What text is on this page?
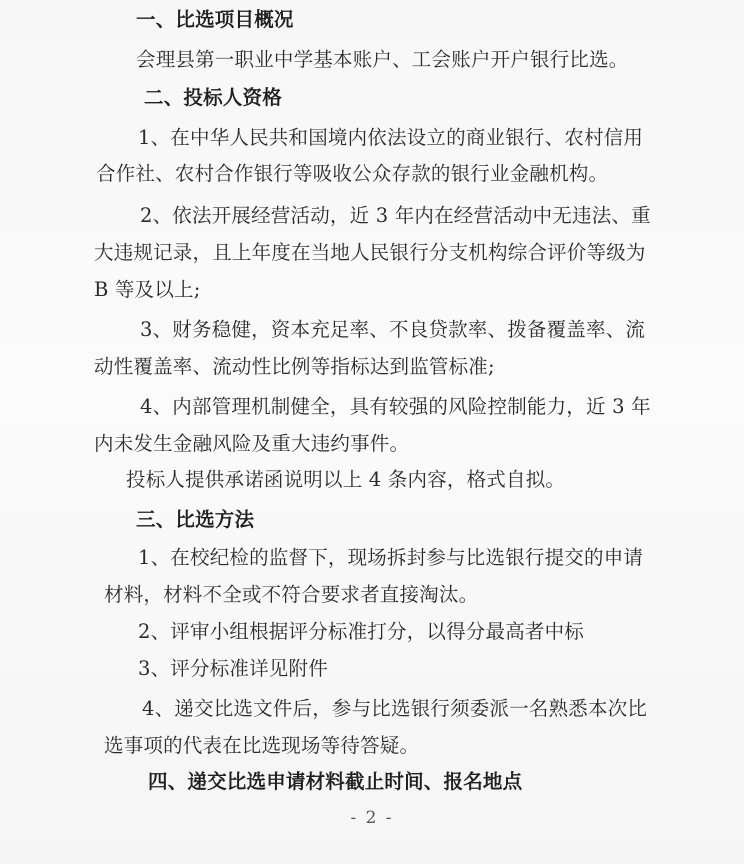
一、比选项目概况
会理县第一职业中学基本账户、工会账户开户银行比选。
二、投标人资格
1、在中华人民共和国境内依法设立的商业银行、农村信用
合作社、农村合作银行等吸收公众存款的银行业金融机构。
2、依法开展经营活动，近 3 年内在经营活动中无违法、重
大违规记录，且上年度在当地人民银行分支机构综合评价等级为
B 等及以上;
3、财务稳健，资本充足率、不良贷款率、拨备覆盖率、流
动性覆盖率、流动性比例等指标达到监管标准;
4、内部管理机制健全，具有较强的风险控制能力，近 3 年
内未发生金融风险及重大违约事件。
投标人提供承诺函说明以上 4 条内容，格式自拟。
三、比选方法
1、在校纪检的监督下，现场拆封参与比选银行提交的申请
材料，材料不全或不符合要求者直接淘汰。
2、评审小组根据评分标准打分，以得分最高者中标
3、评分标准详见附件
4、递交比选文件后，参与比选银行须委派一名熟悉本次比
选事项的代表在比选现场等待答疑。
四、递交比选申请材料截止时间、报名地点
- 2 -
